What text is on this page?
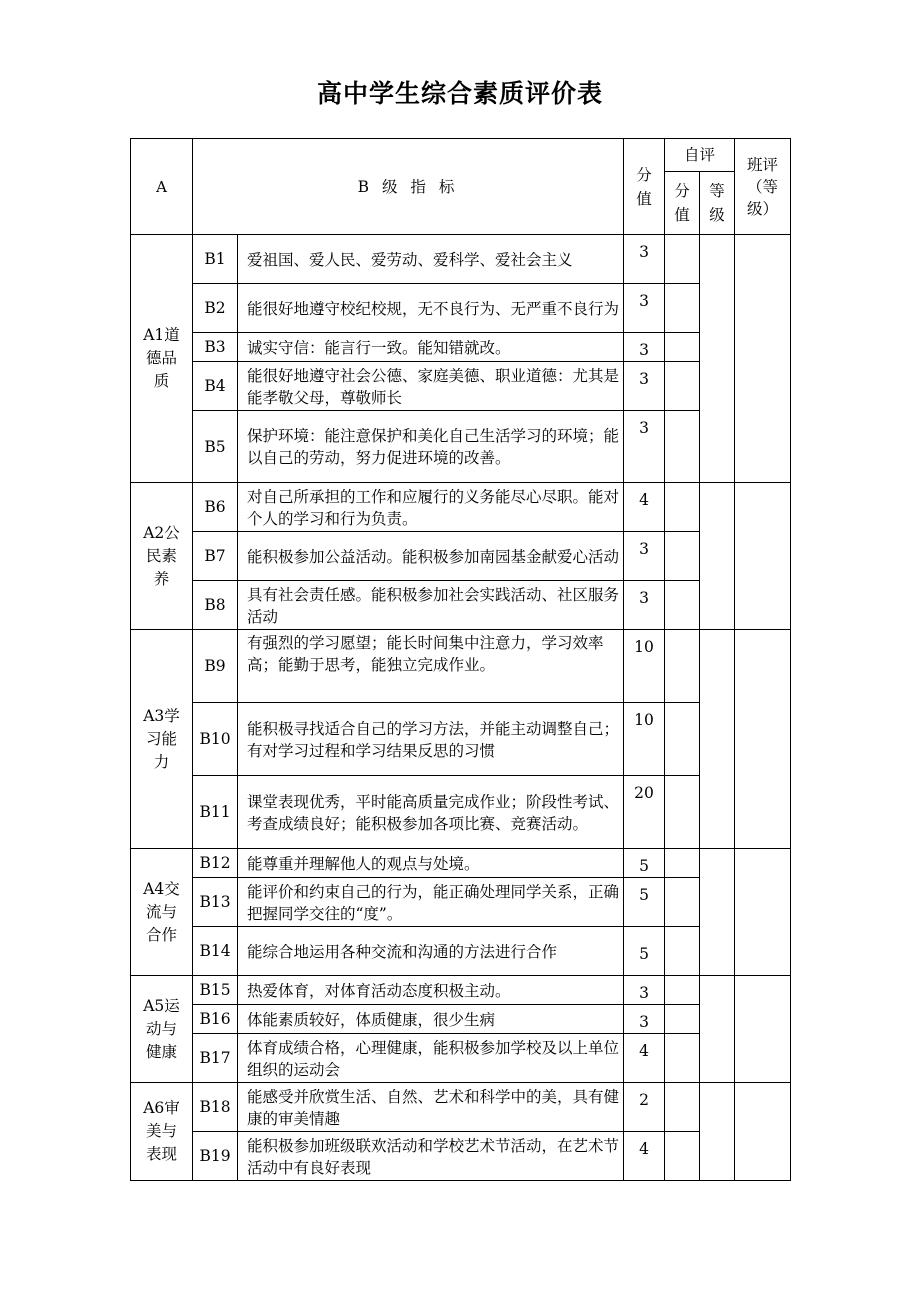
高中学生综合素质评价表
A	B 级 指 标		分值	自评		班评（等级）
				分值	等级	
A1道德品质	B1	爱祖国、爱人民、爱劳动、爱科学、爱社会主义	3			
	B2	能很好地遵守校纪校规，无不良行为、无严重不良行为	3			
	B3	诚实守信：能言行一致。能知错就改。	3			
	B4	能很好地遵守社会公德、家庭美德、职业道德：尤其是能孝敬父母，尊敬师长	3			
	B5	保护环境：能注意保护和美化自己生活学习的环境；能以自己的劳动，努力促进环境的改善。	3			
A2公民素养	B6	对自己所承担的工作和应履行的义务能尽心尽职。能对个人的学习和行为负责。	4			
	B7	能积极参加公益活动。能积极参加南园基金献爱心活动	3			
	B8	具有社会责任感。能积极参加社会实践活动、社区服务活动	3			
A3学习能力	B9	有强烈的学习愿望；能长时间集中注意力，学习效率高；能勤于思考，能独立完成作业。	10			
	B10	能积极寻找适合自己的学习方法，并能主动调整自己；有对学习过程和学习结果反思的习惯	10			
	B11	课堂表现优秀，平时能高质量完成作业；阶段性考试、考查成绩良好；能积极参加各项比赛、竞赛活动。	20			
A4交流与合作	B12	能尊重并理解他人的观点与处境。	5			
	B13	能评价和约束自己的行为，能正确处理同学关系，正确把握同学交往的“度”。	5			
	B14	能综合地运用各种交流和沟通的方法进行合作	5			
A5运动与健康	B15	热爱体育，对体育活动态度积极主动。	3			
	B16	体能素质较好，体质健康，很少生病	3			
	B17	体育成绩合格，心理健康，能积极参加学校及以上单位组织的运动会	4			
A6审美与表现	B18	能感受并欣赏生活、自然、艺术和科学中的美，具有健康的审美情趣	2			
	B19	能积极参加班级联欢活动和学校艺术节活动，在艺术节活动中有良好表现	4			
